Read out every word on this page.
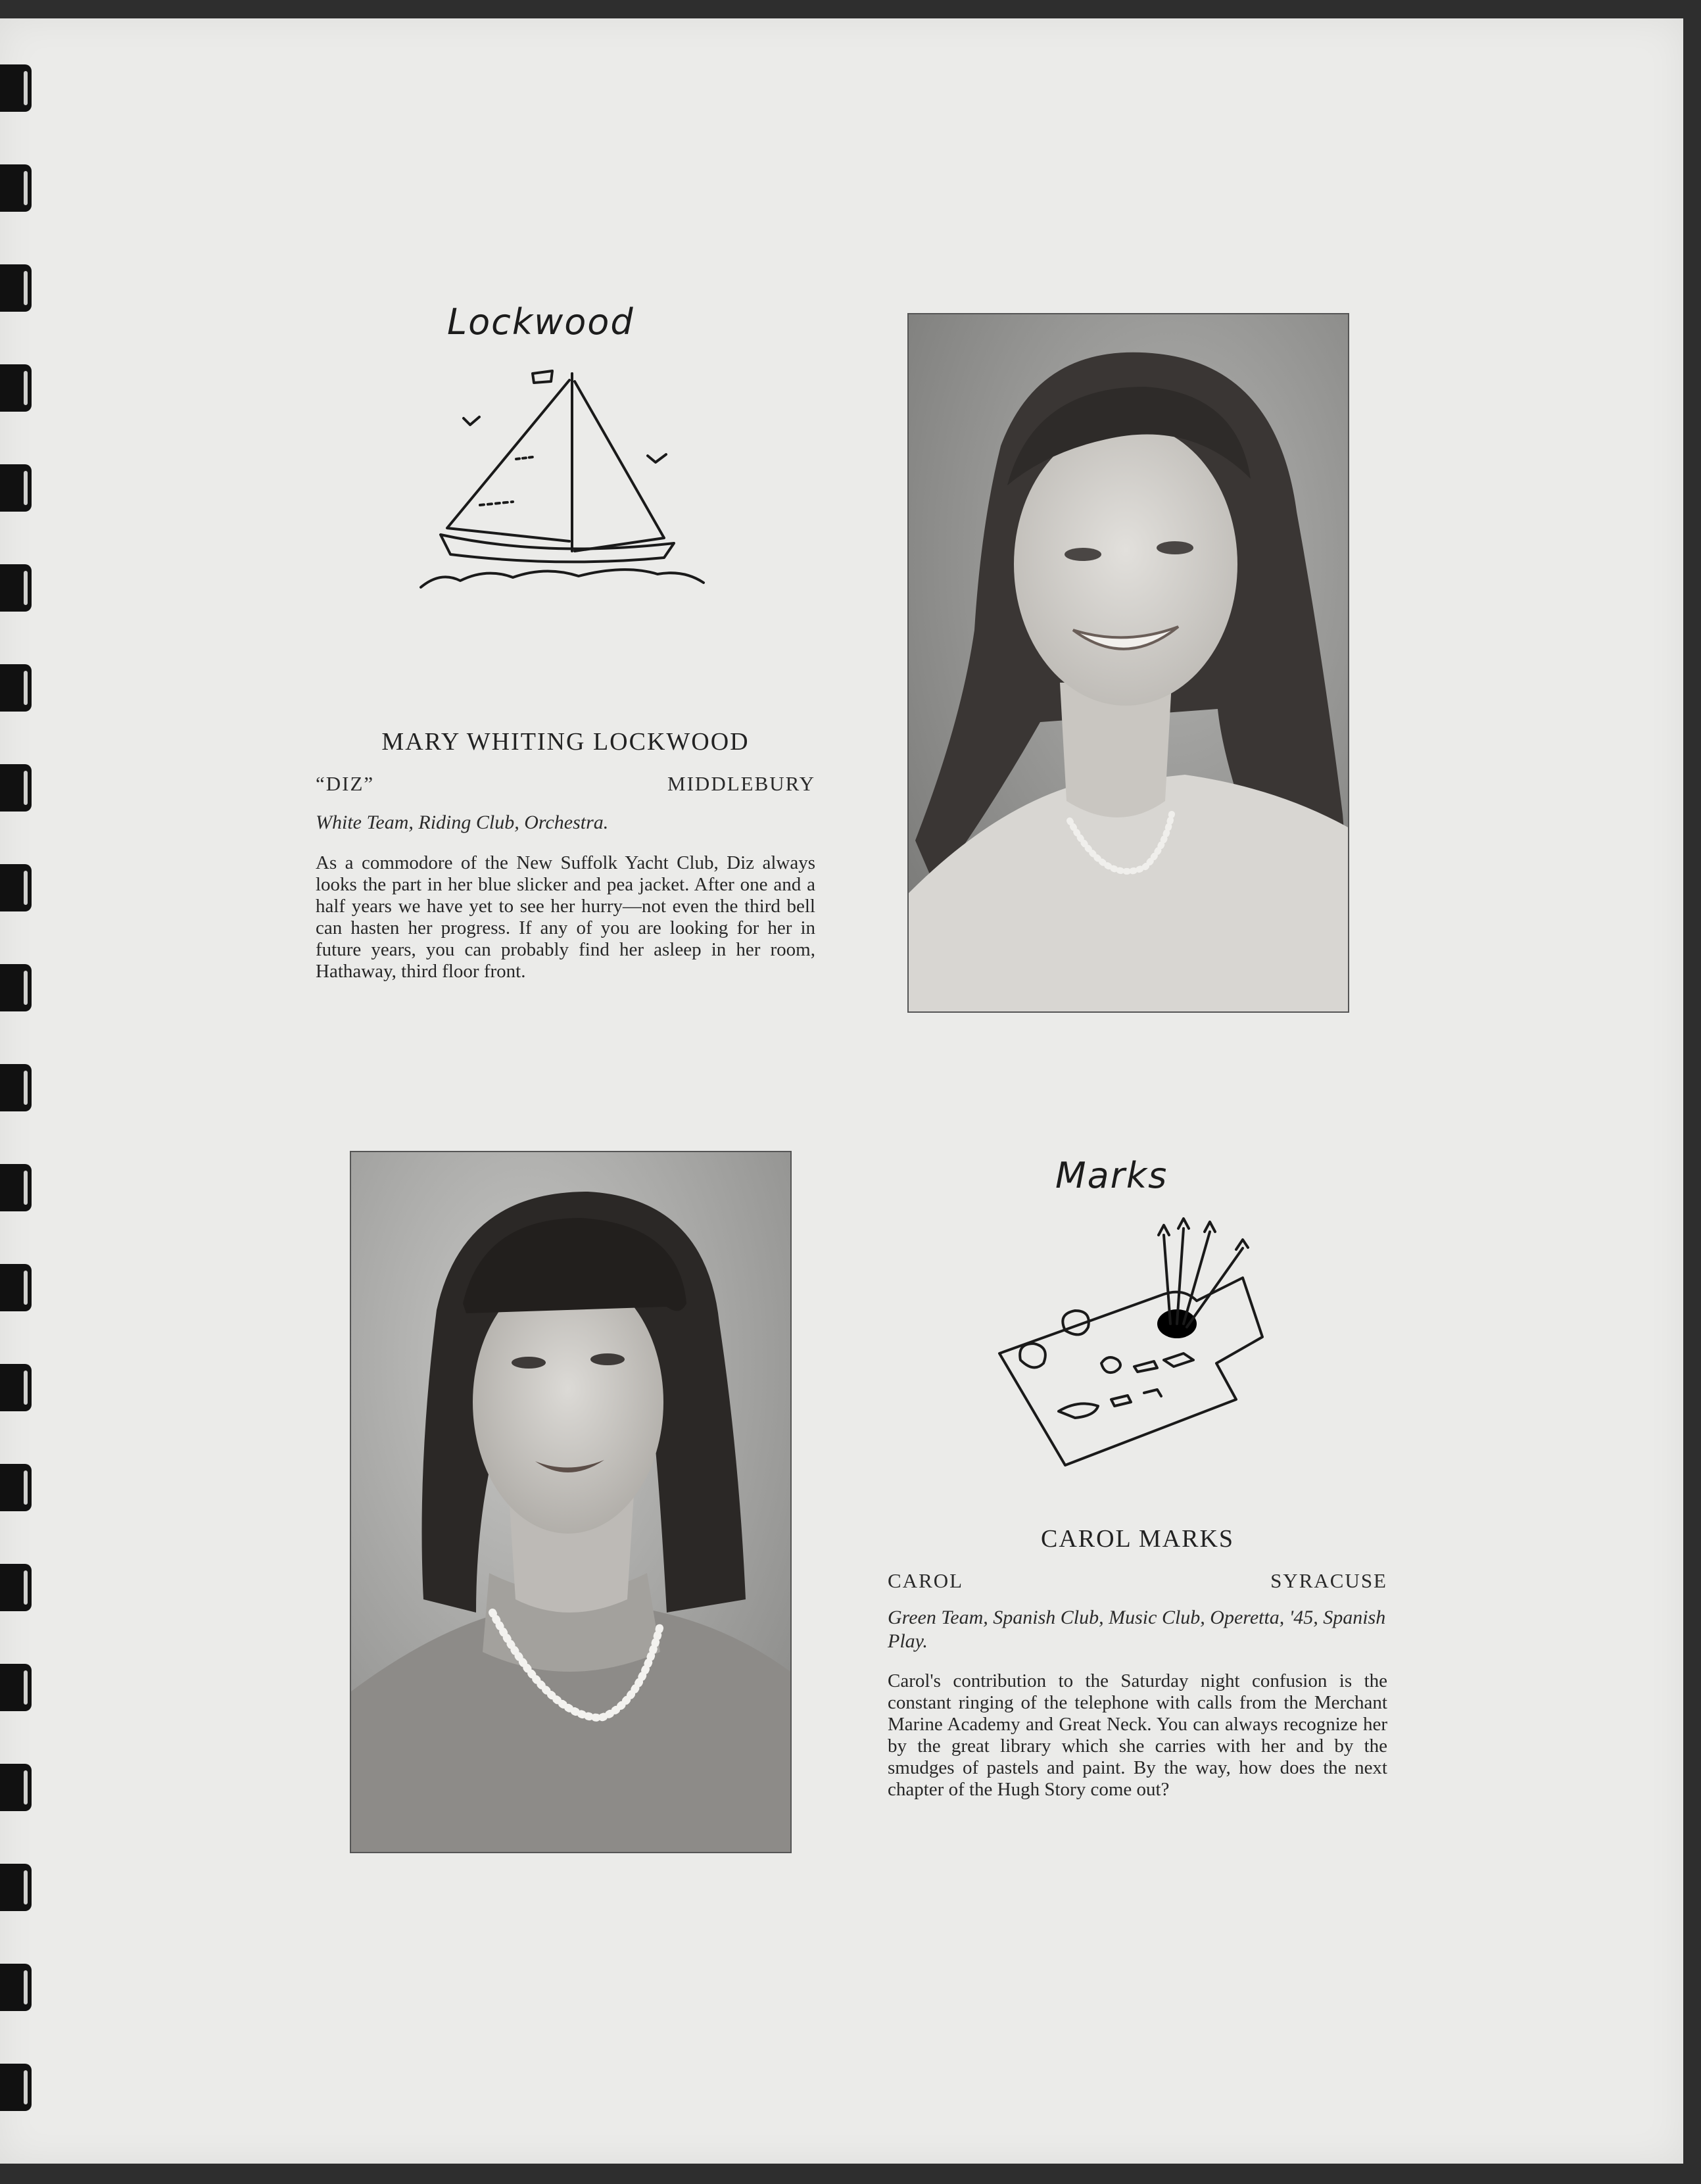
Lockwood
MARY WHITING LOCKWOOD
“DIZ”	MIDDLEBURY
White Team, Riding Club, Orchestra.
As a commodore of the New Suffolk Yacht Club, Diz always looks the part in her blue slicker and pea jacket. After one and a half years we have yet to see her hurry—not even the third bell can hasten her progress. If any of you are looking for her in future years, you can probably find her asleep in her room, Hathaway, third floor front.
Marks
CAROL MARKS
CAROL	SYRACUSE
Green Team, Spanish Club, Music Club, Operetta, '45, Spanish Play.
Carol's contribution to the Saturday night confusion is the constant ringing of the telephone with calls from the Merchant Marine Academy and Great Neck. You can always recognize her by the great library which she carries with her and by the smudges of pastels and paint. By the way, how does the next chapter of the Hugh Story come out?
